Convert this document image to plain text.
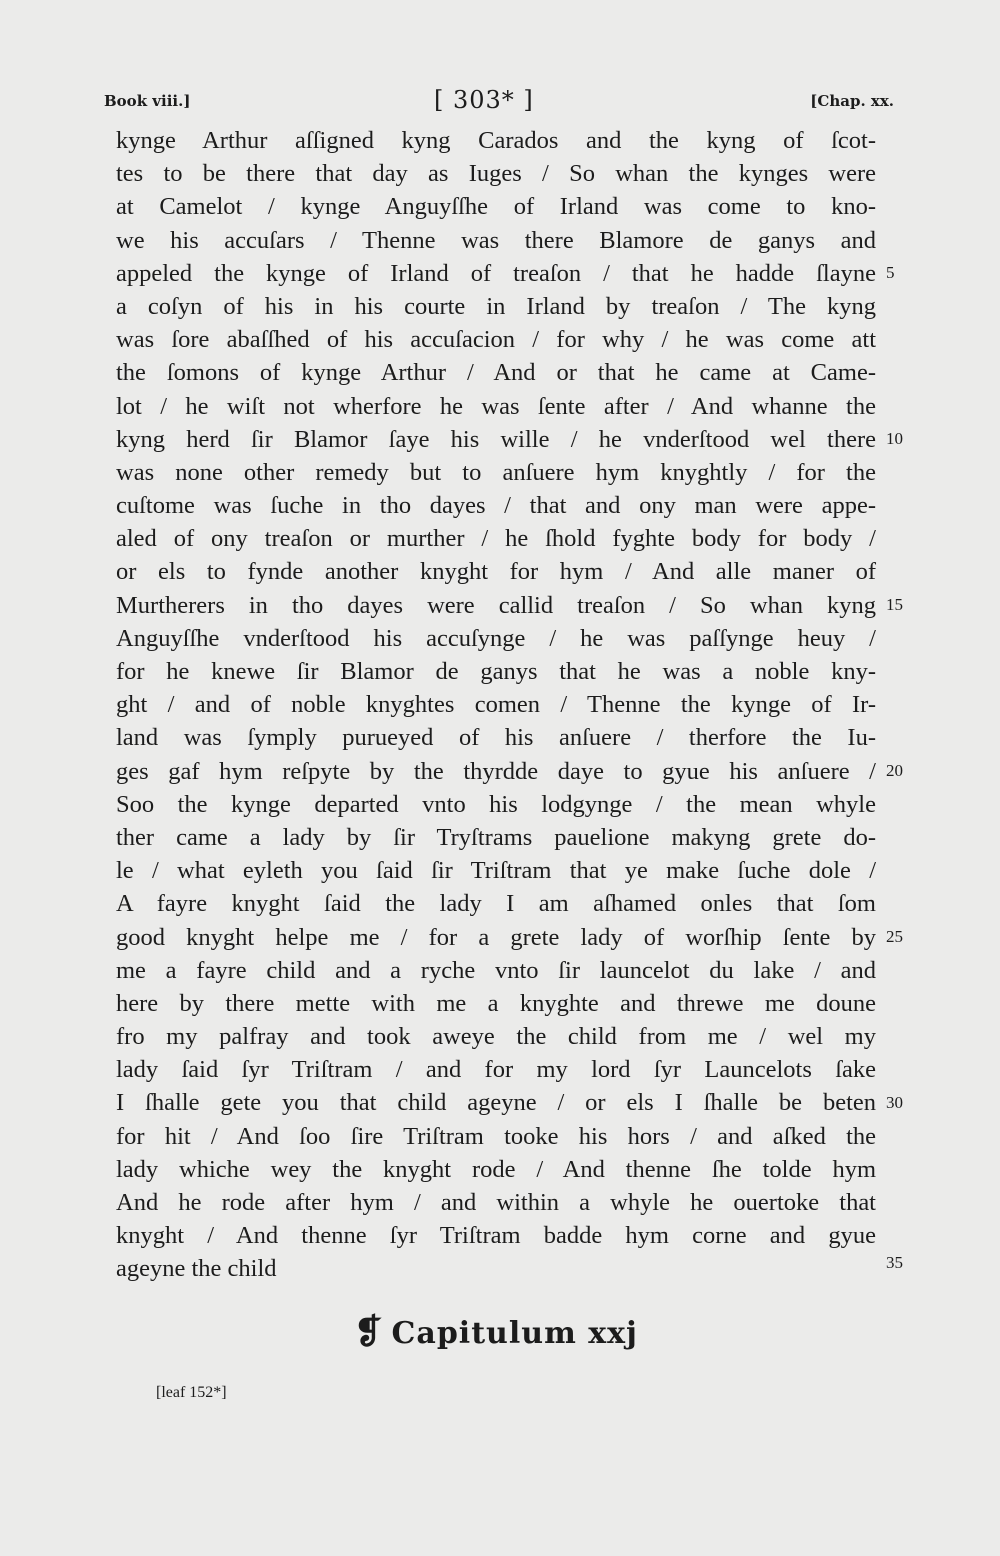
Book viii.]	[ 303* ]	[Chap. xx.
kynge Arthur aſſigned kyng Carados and the kyng of ſcot-
tes to be there that day as Iuges / So whan the kynges were
at Camelot / kynge Anguyſſhe of Irland was come to kno-
we his accuſars / Thenne was there Blamore de ganys and
appeled the kynge of Irland of treaſon / that he hadde ſlayne
a coſyn of his in his courte in Irland by treaſon / The kyng
was ſore abaſſhed of his accuſacion / for why / he was come att
the ſomons of kynge Arthur / And or that he came at Came-
lot / he wiſt not wherfore he was ſente after / And whanne the
kyng herd ſir Blamor ſaye his wille / he vnderſtood wel there
was none other remedy but to anſuere hym knyghtly / for the
cuſtome was ſuche in tho dayes / that and ony man were appe-
aled of ony treaſon or murther / he ſhold fyghte body for body /
or els to fynde another knyght for hym / And alle maner of
Murtherers in tho dayes were callid treaſon / So whan kyng
Anguyſſhe vnderſtood his accuſynge / he was paſſynge heuy /
for he knewe ſir Blamor de ganys that he was a noble kny-
ght / and of noble knyghtes comen / Thenne the kynge of Ir-
land was ſymply purueyed of his anſuere / therfore the Iu-
ges gaf hym reſpyte by the thyrdde daye to gyue his anſuere /
Soo the kynge departed vnto his lodgynge / the mean whyle
ther came a lady by ſir Tryſtrams pauelione makyng grete do-
le / what eyleth you ſaid ſir Triſtram that ye make ſuche dole /
A fayre knyght ſaid the lady I am aſhamed onles that ſom
good knyght helpe me / for a grete lady of worſhip ſente by
me a fayre child and a ryche vnto ſir launcelot du lake / and
here by there mette with me a knyghte and threwe me doune
fro my palfray and took aweye the child from me / wel my
lady ſaid ſyr Triſtram / and for my lord ſyr Launcelots ſake
I ſhalle gete you that child ageyne / or els I ſhalle be beten
for hit / And ſoo ſire Triſtram tooke his hors / and aſked the
lady whiche wey the knyght rode / And thenne ſhe tolde hym
And he rode after hym / and within a whyle he ouertoke that
knyght / And thenne ſyr Triſtram badde hym corne and gyue
ageyne the child
5
10
15
20
25
30
35
❡ Capitulum xxj
[leaf 152*]
